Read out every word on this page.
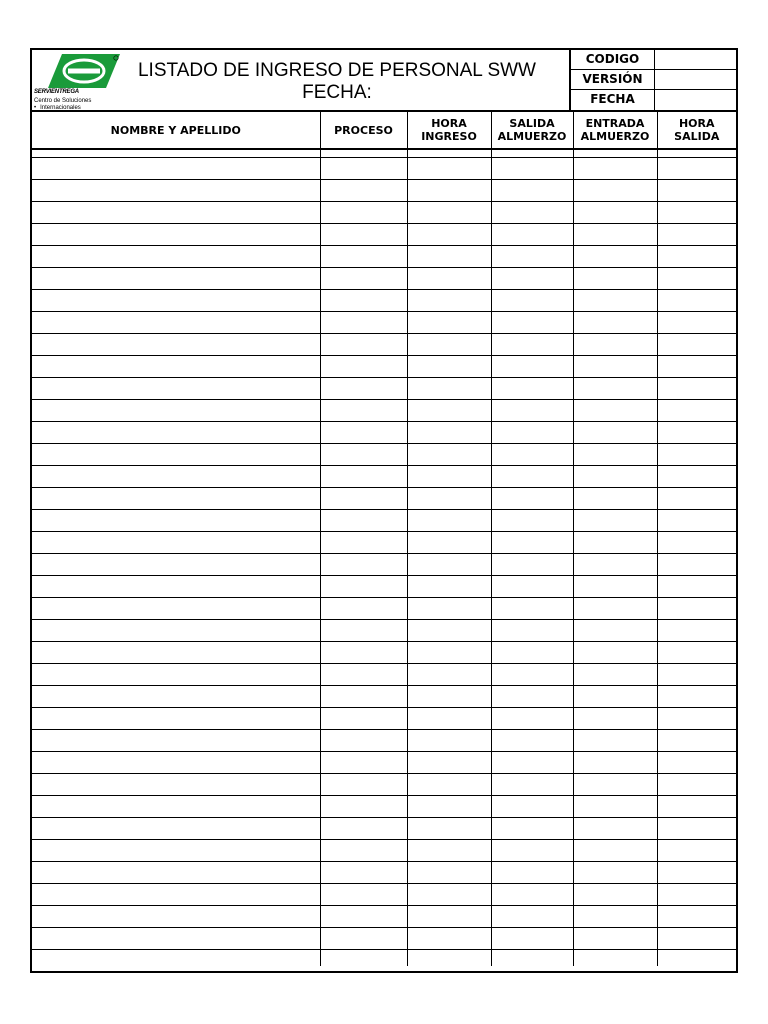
SERVIENTREGA
Centro de Soluciones
• Internacionales
LISTADO DE INGRESO DE PERSONAL SWW
FECHA:
CODIGO
VERSIÓN
FECHA
NOMBRE Y APELLIDO	PROCESO	HORA INGRESO	SALIDA ALMUERZO	ENTRADA ALMUERZO	HORA SALIDA
